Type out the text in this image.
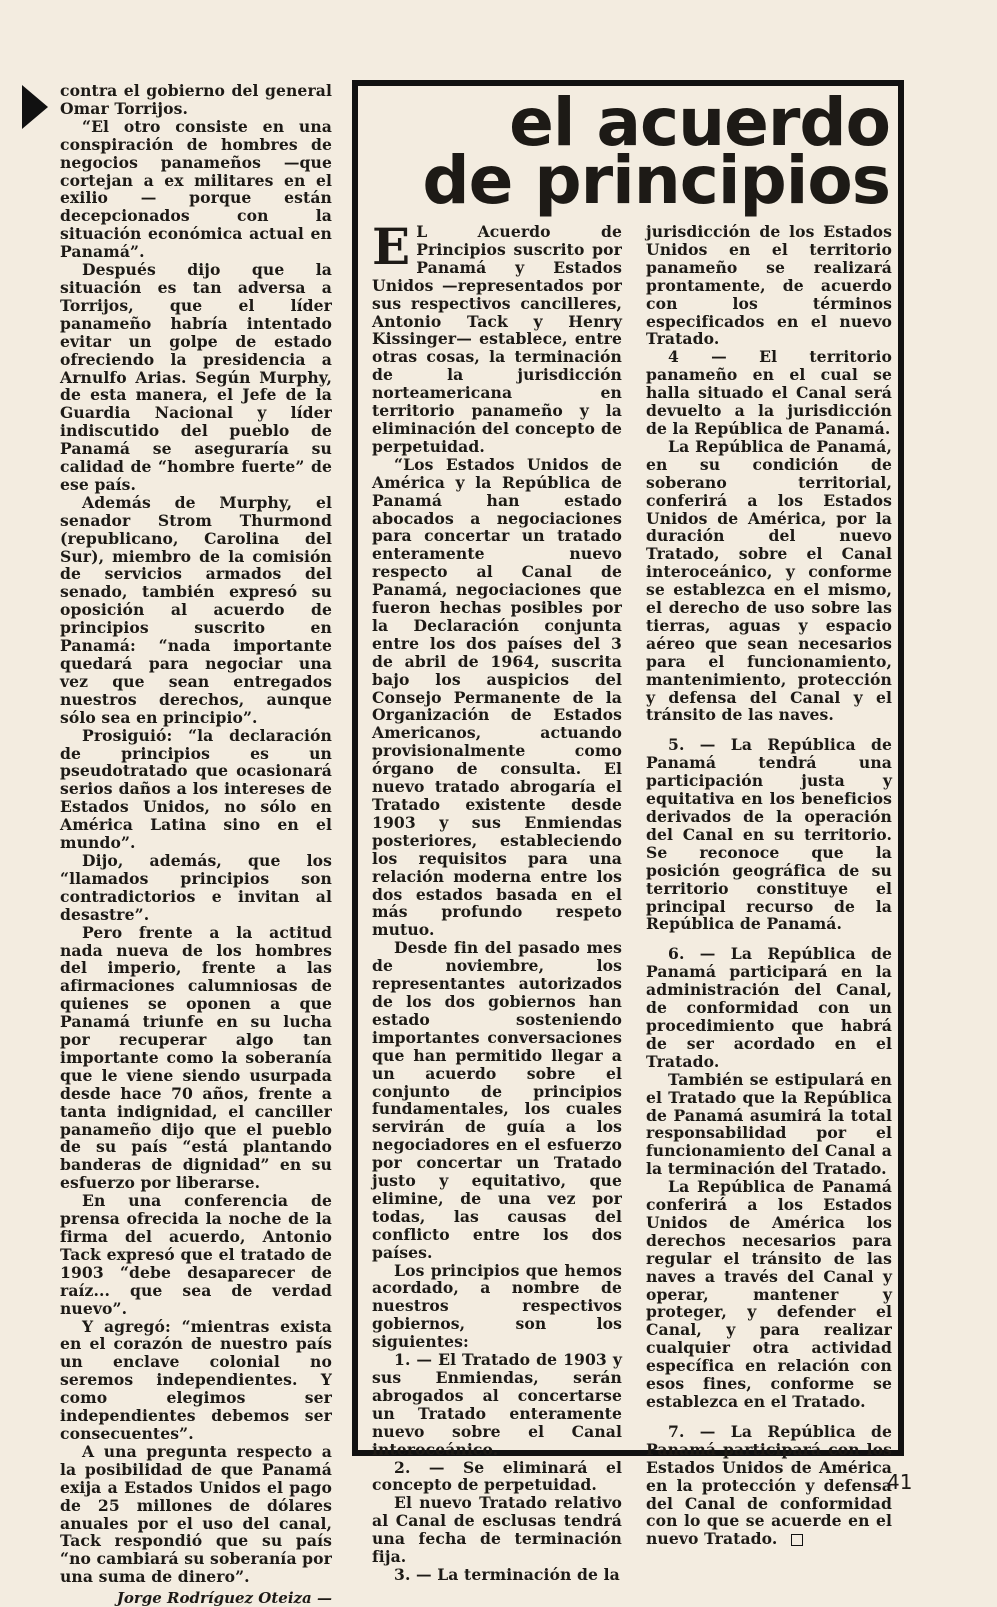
contra el gobierno del general Omar Torrijos.

“El otro consiste en una conspiración de hombres de negocios panameños —que cortejan a ex militares en el exilio — porque están decepcionados con la situación económica actual en Panamá”.

Después dijo que la situación es tan adversa a Torrijos, que el líder panameño habría intentado evitar un golpe de estado ofreciendo la presidencia a Arnulfo Arias. Según Murphy, de esta manera, el Jefe de la Guardia Nacional y líder indiscutido del pueblo de Panamá se aseguraría su calidad de “hombre fuerte” de ese país.

Además de Murphy, el senador Strom Thurmond (republicano, Carolina del Sur), miembro de la comisión de servicios armados del senado, también expresó su oposición al acuerdo de principios suscrito en Panamá: “nada importante quedará para negociar una vez que sean entregados nuestros derechos, aunque sólo sea en principio”.

Prosiguió: “la declaración de principios es un pseudotratado que ocasionará serios daños a los intereses de Estados Unidos, no sólo en América Latina sino en el mundo”.

Dijo, además, que los “llamados principios son contradictorios e invitan al desastre”.

Pero frente a la actitud nada nueva de los hombres del imperio, frente a las afirmaciones calumniosas de quienes se oponen a que Panamá triunfe en su lucha por recuperar algo tan importante como la soberanía que le viene siendo usurpada desde hace 70 años, frente a tanta indignidad, el canciller panameño dijo que el pueblo de su país “está plantando banderas de dignidad” en su esfuerzo por liberarse.

En una conferencia de prensa ofrecida la noche de la firma del acuerdo, Antonio Tack expresó que el tratado de 1903 “debe desaparecer de raíz... que sea de verdad nuevo”.

Y agregó: “mientras exista en el corazón de nuestro país un enclave colonial no seremos independientes. Y como elegimos ser independientes debemos ser consecuentes”.

A una pregunta respecto a la posibilidad de que Panamá exija a Estados Unidos el pago de 25 millones de dólares anuales por el uso del canal, Tack respondió que su país “no cambiará su soberanía por una suma de dinero”.

Jorge Rodríguez Oteiza —
el acuerdo
de principios

E L Acuerdo de Principios suscrito por Panamá y Estados Unidos —representados por sus respectivos cancilleres, Antonio Tack y Henry Kissinger— establece, entre otras cosas, la terminación de la jurisdicción norteamericana en territorio panameño y la eliminación del concepto de perpetuidad.

“Los Estados Unidos de América y la República de Panamá han estado abocados a negociaciones para concertar un tratado enteramente nuevo respecto al Canal de Panamá, negociaciones que fueron hechas posibles por la Declaración conjunta entre los dos países del 3 de abril de 1964, suscrita bajo los auspicios del Consejo Permanente de la Organización de Estados Americanos, actuando provisionalmente como órgano de consulta. El nuevo tratado abrogaría el Tratado existente desde 1903 y sus Enmiendas posteriores, estableciendo los requisitos para una relación moderna entre los dos estados basada en el más profundo respeto mutuo.

Desde fin del pasado mes de noviembre, los representantes autorizados de los dos gobiernos han estado sosteniendo importantes conversaciones que han permitido llegar a un acuerdo sobre el conjunto de principios fundamentales, los cuales servirán de guía a los negociadores en el esfuerzo por concertar un Tratado justo y equitativo, que elimine, de una vez por todas, las causas del conflicto entre los dos países.

Los principios que hemos acordado, a nombre de nuestros respectivos gobiernos, son los siguientes:

1. — El Tratado de 1903 y sus Enmiendas, serán abrogados al concertarse un Tratado enteramente nuevo sobre el Canal interoceánico.

2. — Se eliminará el concepto de perpetuidad.

El nuevo Tratado relativo al Canal de esclusas tendrá una fecha de terminación fija.

3. — La terminación de la

jurisdicción de los Estados Unidos en el territorio panameño se realizará prontamente, de acuerdo con los términos especificados en el nuevo Tratado.

4 — El territorio panameño en el cual se halla situado el Canal será devuelto a la jurisdicción de la República de Panamá.

La República de Panamá, en su condición de soberano territorial, conferirá a los Estados Unidos de América, por la duración del nuevo Tratado, sobre el Canal interoceánico, y conforme se establezca en el mismo, el derecho de uso sobre las tierras, aguas y espacio aéreo que sean necesarios para el funcionamiento, mantenimiento, protección y defensa del Canal y el tránsito de las naves.

5. — La República de Panamá tendrá una participación justa y equitativa en los beneficios derivados de la operación del Canal en su territorio. Se reconoce que la posición geográfica de su territorio constituye el principal recurso de la República de Panamá.

6. — La República de Panamá participará en la administración del Canal, de conformidad con un procedimiento que habrá de ser acordado en el Tratado.

También se estipulará en el Tratado que la República de Panamá asumirá la total responsabilidad por el funcionamiento del Canal a la terminación del Tratado.

La República de Panamá conferirá a los Estados Unidos de América los derechos necesarios para regular el tránsito de las naves a través del Canal y operar, mantener y proteger, y defender el Canal, y para realizar cualquier otra actividad específica en relación con esos fines, conforme se establezca en el Tratado.

7. — La República de Panamá participará con los Estados Unidos de América en la protección y defensa del Canal de conformidad con lo que se acuerde en el nuevo Tratado.

41
